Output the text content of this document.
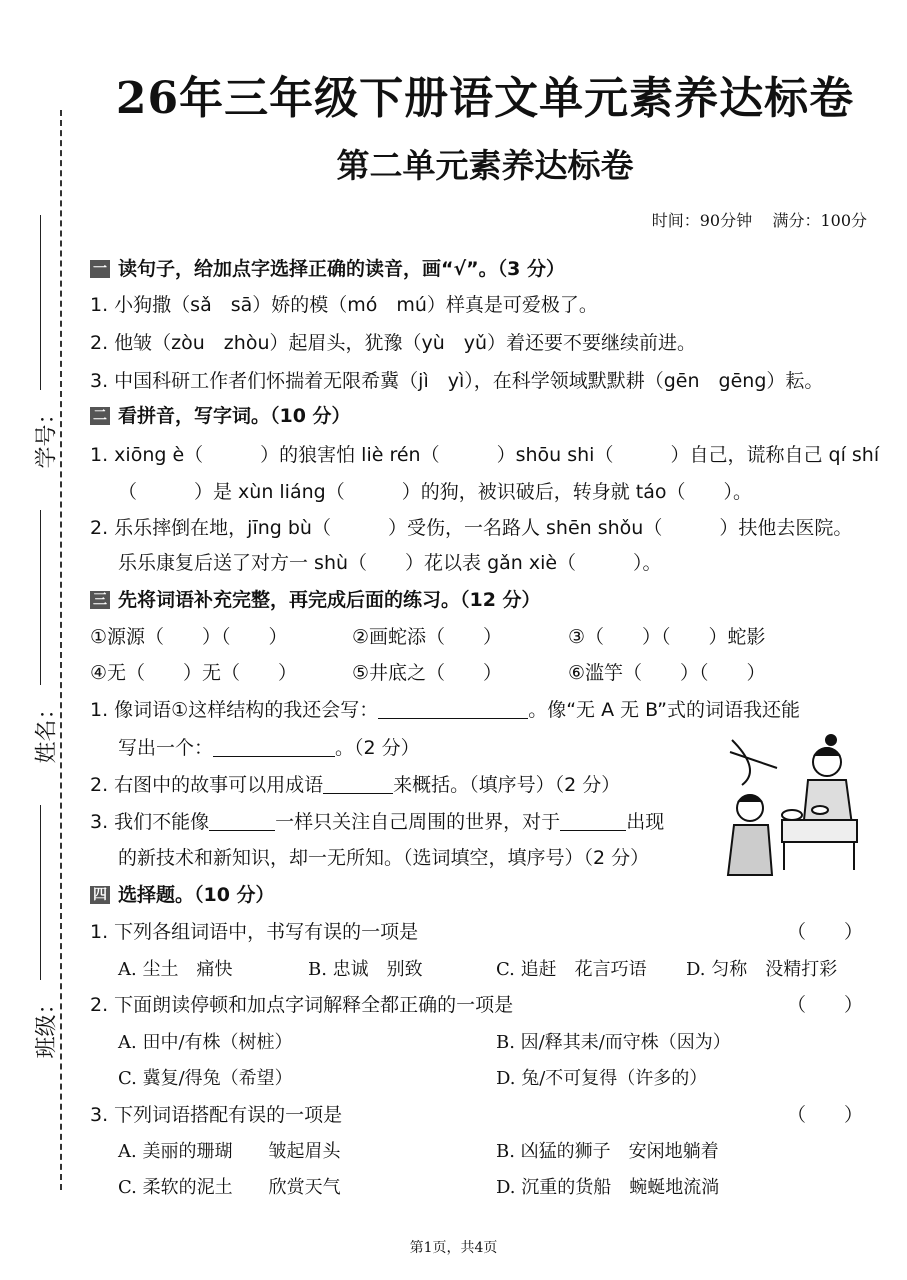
26年三年级下册语文单元素养达标卷
第二单元素养达标卷
时间：90分钟 满分：100分
学号：
姓名：
班级：
一 读句子，给加点字选择正确的读音，画“√”。（3 分）
1. 小狗撒（sǎ　sā）娇的模（mó　mú）样真是可爱极了。
2. 他皱（zòu　zhòu）起眉头，犹豫（yù　yǔ）着还要不要继续前进。
3. 中国科研工作者们怀揣着无限希冀（jì　yì），在科学领域默默耕（gēn　gēng）耘。
二 看拼音，写字词。（10 分）
1. xiōng è（　　　）的狼害怕 liè rén（　　　）shōu shi（　　　）自己，谎称自己 qí shí
（　　　）是 xùn liáng（　　　）的狗，被识破后，转身就 táo（　　）。
2. 乐乐摔倒在地，jīng bù（　　　）受伤，一名路人 shēn shǒu（　　　）扶他去医院。
乐乐康复后送了对方一 shù（　　）花以表 gǎn xiè（　　　）。
三 先将词语补充完整，再完成后面的练习。（12 分）
①源源（　　）（　　）	②画蛇添（　　）	③（　　）（　　）蛇影
④无（　　）无（　　）	⑤井底之（　　）	⑥滥竽（　　）（　　）
1. 像词语①这样结构的我还会写：	。像“无 A 无 B”式的词语我还能
写出一个：	。（2 分）
2. 右图中的故事可以用成语	来概括。（填序号）（2 分）
3. 我们不能像	一样只关注自己周围的世界，对于	出现
的新技术和新知识，却一无所知。（选词填空，填序号）（2 分）
四 选择题。（10 分）
1. 下列各组词语中，书写有误的一项是	（　　）
A. 尘土　痛快	B. 忠诚　别致	C. 追赶　花言巧语 D. 匀称　没精打彩
2. 下面朗读停顿和加点字词解释全都正确的一项是	（　　）
A. 田中/有株（树桩）	B. 因/释其耒/而守株（因为）
C. 冀复/得兔（希望）	D. 兔/不可复得（许多的）
3. 下列词语搭配有误的一项是	（　　）
A. 美丽的珊瑚　　皱起眉头	B. 凶猛的狮子　安闲地躺着
C. 柔软的泥土　　欣赏天气	D. 沉重的货船　蜿蜒地流淌
第1页，共4页
